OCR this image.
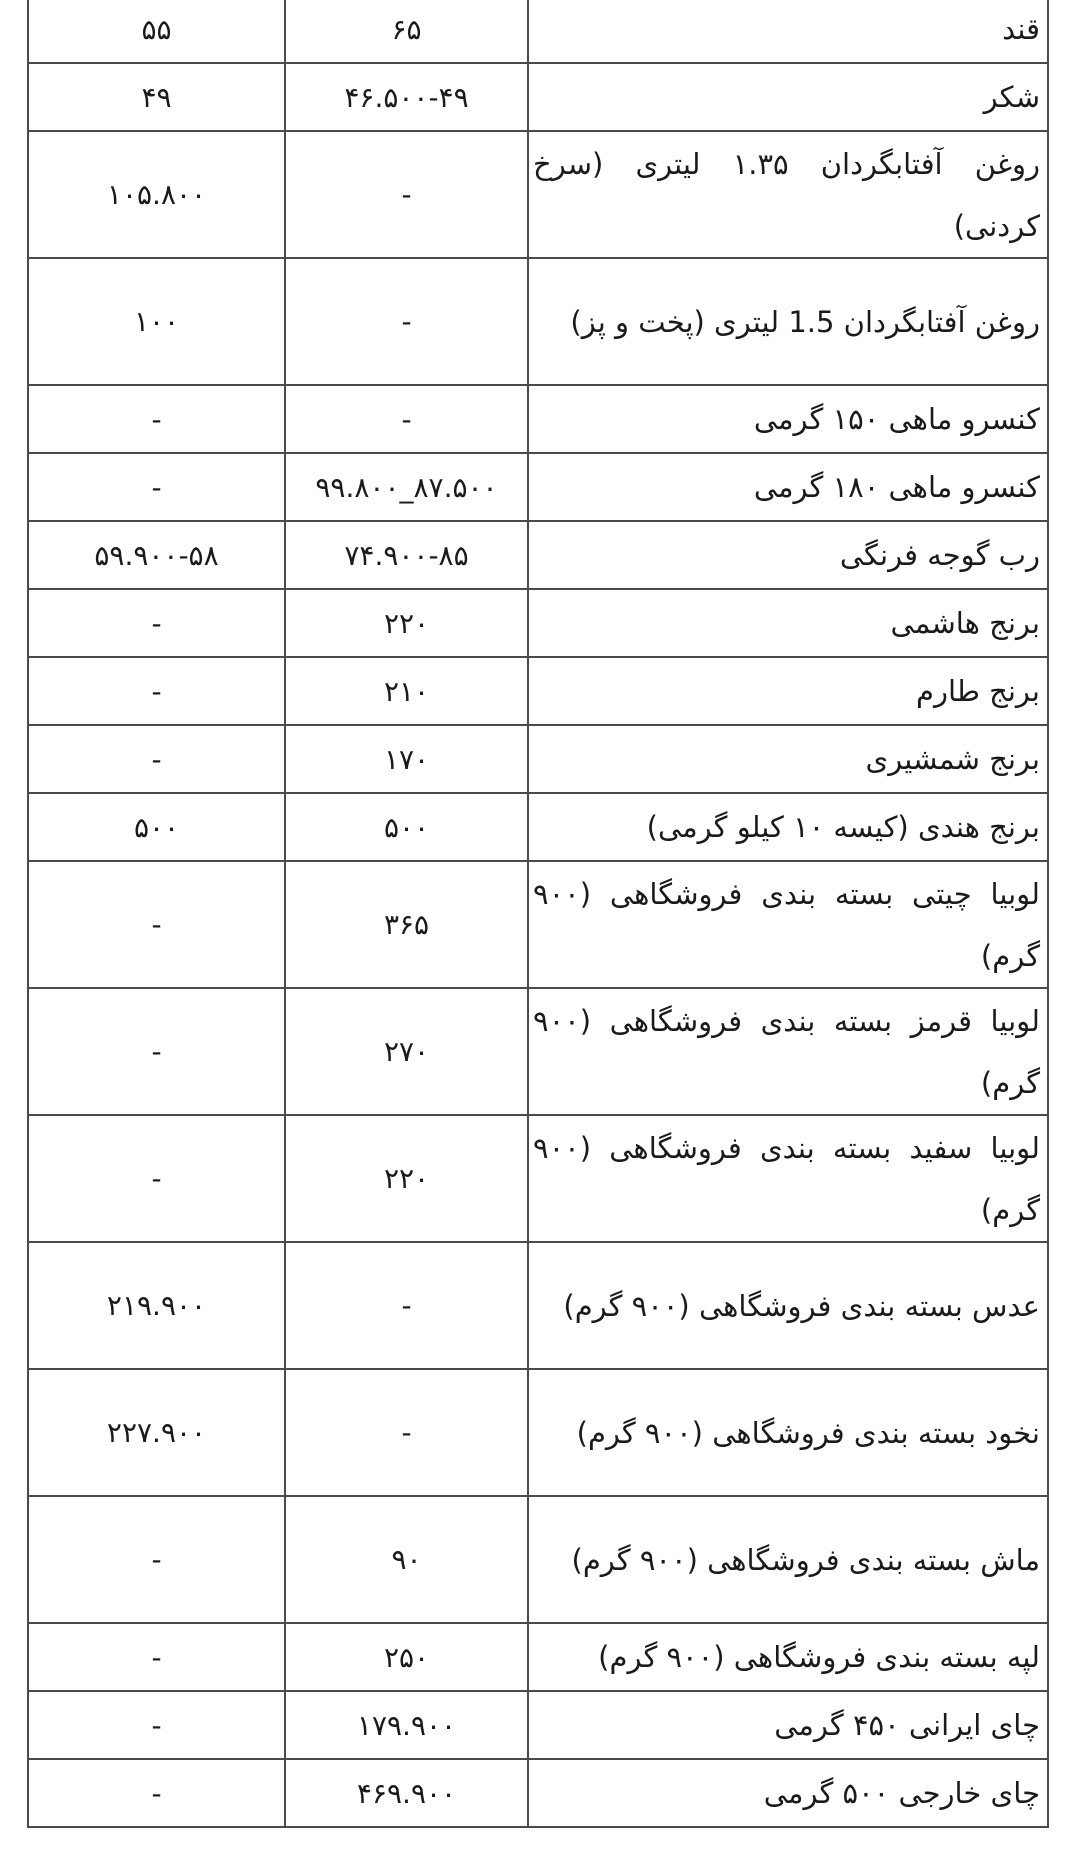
قند	۶۵	۵۵
شکر	۴۶.۵۰۰-۴۹	۴۹
روغن آفتابگردان ۱.۳۵ لیتری (سرخ کردنی)	-	۱۰۵.۸۰۰
روغن آفتابگردان 1.5 لیتری (پخت و پز)	-	۱۰۰
کنسرو ماهی ۱۵۰ گرمی	-	-
کنسرو ماهی ۱۸۰ گرمی	۸۷.۵۰۰_۹۹.۸۰۰	-
رب گوجه فرنگی	۷۴.۹۰۰-۸۵	۵۹.۹۰۰-۵۸
برنج هاشمی	۲۲۰	-
برنج طارم	۲۱۰	-
برنج شمشیری	۱۷۰	-
برنج هندی (کیسه ۱۰ کیلو گرمی)	۵۰۰	۵۰۰
لوبیا چیتی بسته بندی فروشگاهی (۹۰۰ گرم)	۳۶۵	-
لوبیا قرمز بسته بندی فروشگاهی (۹۰۰ گرم)	۲۷۰	-
لوبیا سفید بسته بندی فروشگاهی (۹۰۰ گرم)	۲۲۰	-
عدس بسته بندی فروشگاهی (۹۰۰ گرم)	-	۲۱۹.۹۰۰
نخود بسته بندی فروشگاهی (۹۰۰ گرم)	-	۲۲۷.۹۰۰
ماش بسته بندی فروشگاهی (۹۰۰ گرم)	۹۰	-
لپه بسته بندی فروشگاهی (۹۰۰ گرم)	۲۵۰	-
چای ایرانی ۴۵۰ گرمی	۱۷۹.۹۰۰	-
چای خارجی ۵۰۰ گرمی	۴۶۹.۹۰۰	-
